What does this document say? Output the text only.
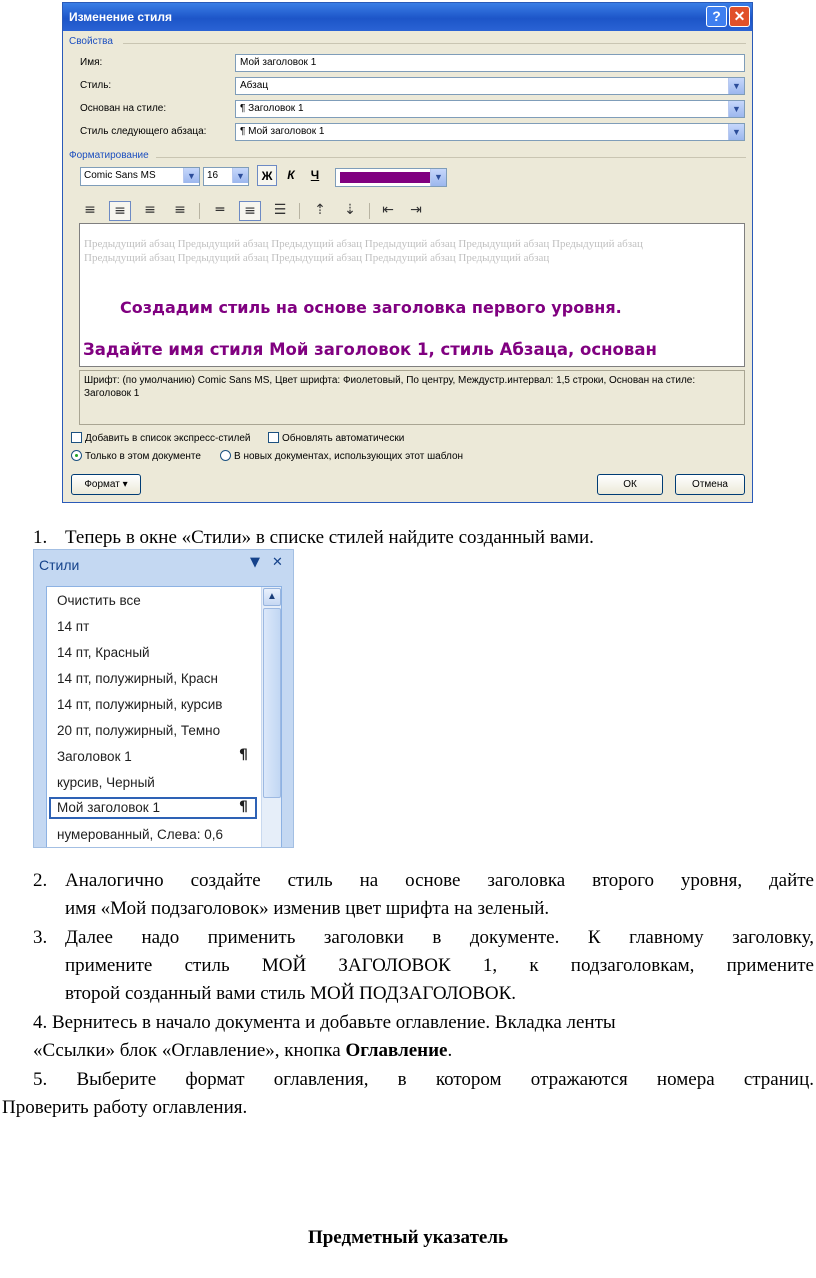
Изменение стиля	? ✕
Свойства
Имя:	Мой заголовок 1
Стиль:	Абзац	▼
Основан на стиле:	¶ Заголовок 1	▼
Стиль следующего абзаца:	¶ Мой заголовок 1	▼
Форматирование
Comic Sans MS	▼	16	▼	Ж	К	Ч	▼
≡	≡	≡	≡	═	≡	☰	⇡	⇣	⇤	⇥
Предыдущий абзац Предыдущий абзац Предыдущий абзац Предыдущий абзац Предыдущий абзац Предыдущий абзац Предыдущий абзац Предыдущий абзац Предыдущий абзац Предыдущий абзац Предыдущий абзац
Создадим стиль на основе заголовка первого уровня.
Задайте имя стиля Мой заголовок 1, стиль Абзаца, основан
Шрифт: (по умолчанию) Comic Sans MS, Цвет шрифта: Фиолетовый, По центру, Междустр.интервал: 1,5 строки, Основан на стиле: Заголовок 1
Добавить в список экспресс-стилей	Обновлять автоматически
Только в этом документе	В новых документах, использующих этот шаблон
Формат ▾	ОК	Отмена
1. Теперь в окне «Стили» в списке стилей найдите созданный вами.
Стили	▼ ✕
Очистить все
14 пт
14 пт, Красный
14 пт, полужирный, Красн
14 пт, полужирный, курсив
20 пт, полужирный, Темно
Заголовок 1	¶
курсив, Черный
Мой заголовок 1	¶
нумерованный, Слева: 0,6
▲
2. Аналогично создайте стиль на основе заголовка второго уровня, дайте
имя «Мой подзаголовок» изменив цвет шрифта на зеленый.
3. Далее надо применить заголовки в документе. К главному заголовку,
примените стиль МОЙ ЗАГОЛОВОК 1, к подзаголовкам, примените
второй созданный вами стиль МОЙ ПОДЗАГОЛОВОК.
4. Вернитесь в начало документа и добавьте оглавление. Вкладка ленты
«Ссылки» блок «Оглавление», кнопка Оглавление.
5. Выберите формат оглавления, в котором отражаются номера страниц.
Проверить работу оглавления.
Предметный указатель
